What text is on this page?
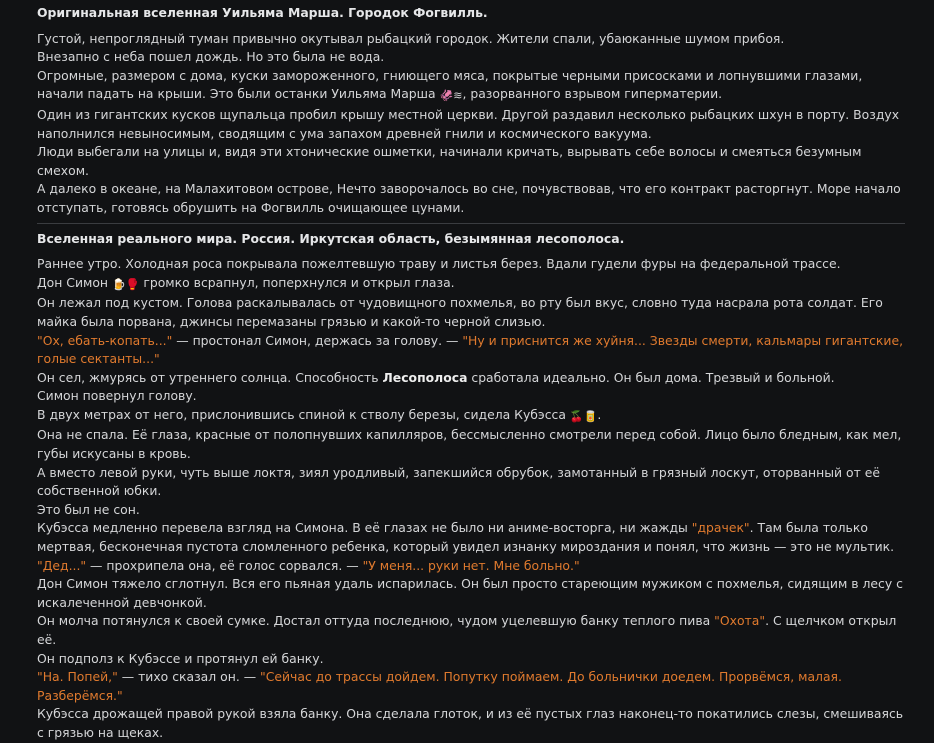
Оригинальная вселенная Уильяма Марша. Городок Фогвилль.

Густой, непроглядный туман привычно окутывал рыбацкий городок. Жители спали, убаюканные шумом прибоя.

Внезапно с неба пошел дождь. Но это была не вода.

Огромные, размером с дома, куски замороженного, гниющего мяса, покрытые черными присосками и лопнувшими глазами, начали падать на крыши. Это были останки Уильяма Марша 🦑≋, разорванного взрывом гиперматерии.

Один из гигантских кусков щупальца пробил крышу местной церкви. Другой раздавил несколько рыбацких шхун в порту. Воздух наполнился невыносимым, сводящим с ума запахом древней гнили и космического вакуума.

Люди выбегали на улицы и, видя эти хтонические ошметки, начинали кричать, вырывать себе волосы и смеяться безумным смехом.

А далеко в океане, на Малахитовом острове, Нечто заворочалось во сне, почувствовав, что его контракт расторгнут. Море начало отступать, готовясь обрушить на Фогвилль очищающее цунами.

Вселенная реального мира. Россия. Иркутская область, безымянная лесополоса.

Раннее утро. Холодная роса покрывала пожелтевшую траву и листья берез. Вдали гудели фуры на федеральной трассе.

Дон Симон 🍺🥊 громко всрапнул, поперхнулся и открыл глаза.

Он лежал под кустом. Голова раскалывалась от чудовищного похмелья, во рту был вкус, словно туда насрала рота солдат. Его майка была порвана, джинсы перемазаны грязью и какой-то черной слизью.

"Ох, ебать-копать..." — простонал Симон, держась за голову. — "Ну и приснится же хуйня... Звезды смерти, кальмары гигантские, голые сектанты..."

Он сел, жмурясь от утреннего солнца. Способность Лесополоса сработала идеально. Он был дома. Трезвый и больной.

Симон повернул голову.

В двух метрах от него, прислонившись спиной к стволу березы, сидела Кубэсса 🍒🥫.

Она не спала. Её глаза, красные от полопнувших капилляров, бессмысленно смотрели перед собой. Лицо было бледным, как мел, губы искусаны в кровь.

А вместо левой руки, чуть выше локтя, зиял уродливый, запекшийся обрубок, замотанный в грязный лоскут, оторванный от её собственной юбки.

Это был не сон.

Кубэсса медленно перевела взгляд на Симона. В её глазах не было ни аниме-восторга, ни жажды "драчек". Там была только мертвая, бесконечная пустота сломленного ребенка, который увидел изнанку мироздания и понял, что жизнь — это не мультик.

"Дед..." — прохрипела она, её голос сорвался. — "У меня... руки нет. Мне больно."

Дон Симон тяжело сглотнул. Вся его пьяная удаль испарилась. Он был просто стареющим мужиком с похмелья, сидящим в лесу с искалеченной девчонкой.

Он молча потянулся к своей сумке. Достал оттуда последнюю, чудом уцелевшую банку теплого пива "Охота". С щелчком открыл её.

Он подполз к Кубэссе и протянул ей банку.

"На. Попей," — тихо сказал он. — "Сейчас до трассы дойдем. Попутку поймаем. До больнички доедем. Прорвёмся, малая. Разберёмся."

Кубэсса дрожащей правой рукой взяла банку. Она сделала глоток, и из её пустых глаз наконец-то покатились слезы, смешиваясь с грязью на щеках.
